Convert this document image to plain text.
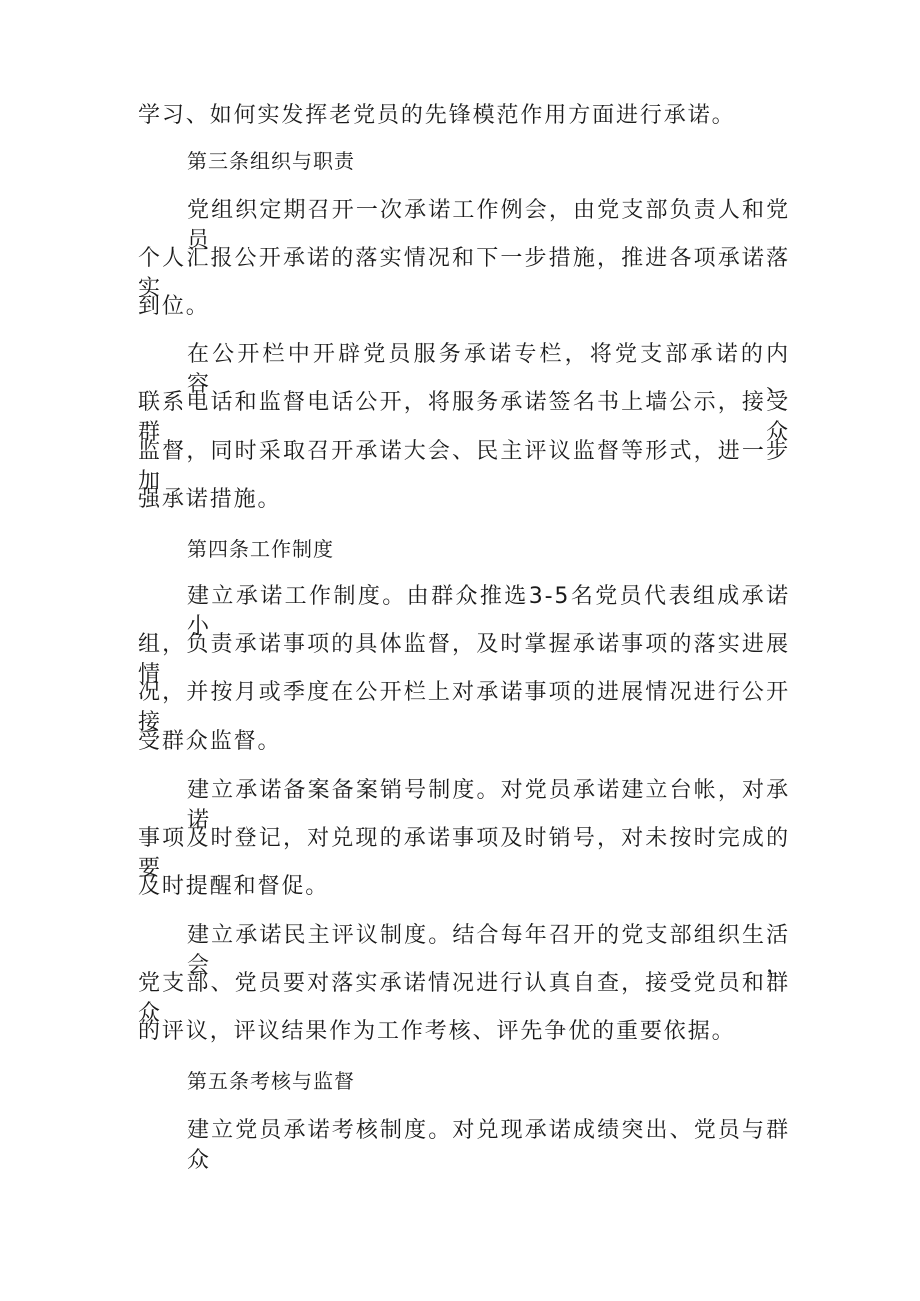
学习、如何实发挥老党员的先锋模范作用方面进行承诺。
第三条组织与职责
党组织定期召开一次承诺工作例会，由党支部负责人和党员
个人汇报公开承诺的落实情况和下一步措施，推进各项承诺落实
到位。
在公开栏中开辟党员服务承诺专栏，将党支部承诺的内容、
联系电话和监督电话公开，将服务承诺签名书上墙公示，接受群众
监督，同时采取召开承诺大会、民主评议监督等形式，进一步加
强承诺措施。
第四条工作制度
建立承诺工作制度。由群众推选3-5名党员代表组成承诺小
组，负责承诺事项的具体监督，及时掌握承诺事项的落实进展情
况，并按月或季度在公开栏上对承诺事项的进展情况进行公开接
受群众监督。
建立承诺备案备案销号制度。对党员承诺建立台帐，对承诺
事项及时登记，对兑现的承诺事项及时销号，对未按时完成的要
及时提醒和督促。
建立承诺民主评议制度。结合每年召开的党支部组织生活会，
党支部、党员要对落实承诺情况进行认真自查，接受党员和群众
的评议，评议结果作为工作考核、评先争优的重要依据。
第五条考核与监督
建立党员承诺考核制度。对兑现承诺成绩突出、党员与群众
